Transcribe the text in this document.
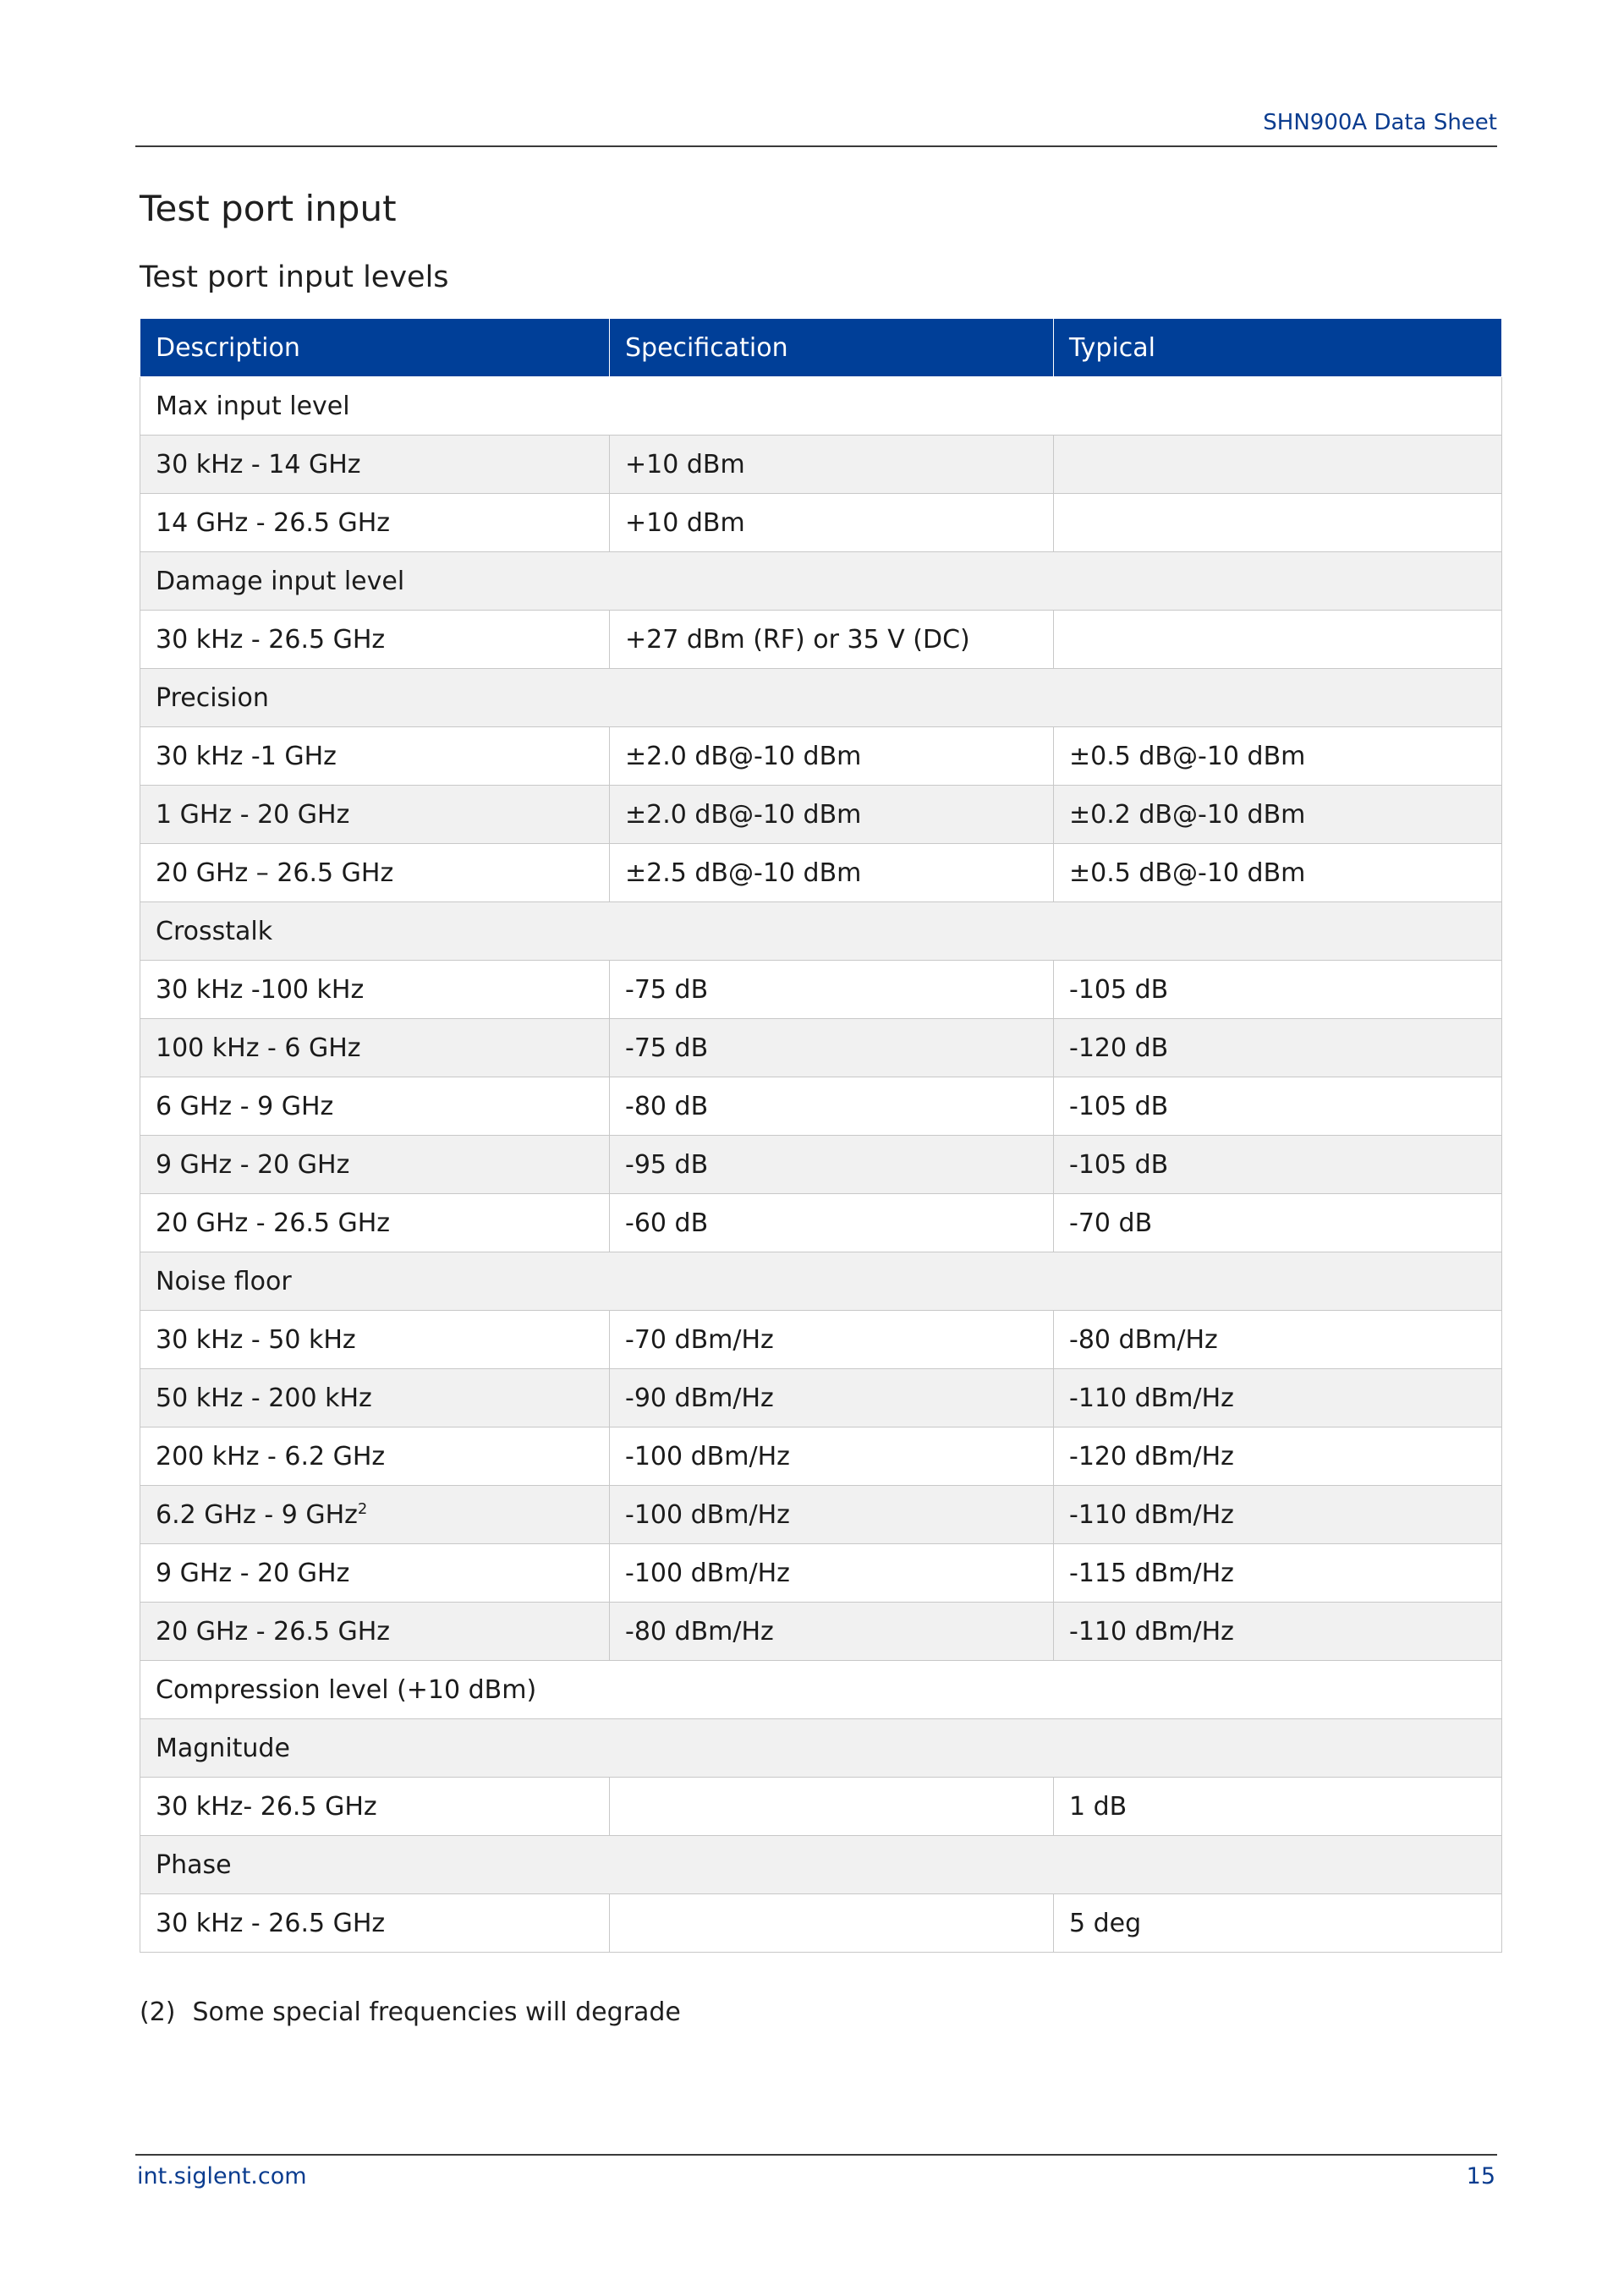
SHN900A Data Sheet
Test port input
Test port input levels
Description	Specification	Typical
Max input level		
30 kHz - 14 GHz	+10 dBm	
14 GHz - 26.5 GHz	+10 dBm	
Damage input level		
30 kHz - 26.5 GHz	+27 dBm (RF) or 35 V (DC)	
Precision		
30 kHz -1 GHz	±2.0 dB@-10 dBm	±0.5 dB@-10 dBm
1 GHz - 20 GHz	±2.0 dB@-10 dBm	±0.2 dB@-10 dBm
20 GHz – 26.5 GHz	±2.5 dB@-10 dBm	±0.5 dB@-10 dBm
Crosstalk		
30 kHz -100 kHz	-75 dB	-105 dB
100 kHz - 6 GHz	-75 dB	-120 dB
6 GHz - 9 GHz	-80 dB	-105 dB
9 GHz - 20 GHz	-95 dB	-105 dB
20 GHz - 26.5 GHz	-60 dB	-70 dB
Noise floor		
30 kHz - 50 kHz	-70 dBm/Hz	-80 dBm/Hz
50 kHz - 200 kHz	-90 dBm/Hz	-110 dBm/Hz
200 kHz - 6.2 GHz	-100 dBm/Hz	-120 dBm/Hz
6.2 GHz - 9 GHz$^2$	-100 dBm/Hz	-110 dBm/Hz
9 GHz - 20 GHz	-100 dBm/Hz	-115 dBm/Hz
20 GHz - 26.5 GHz	-80 dBm/Hz	-110 dBm/Hz
Compression level (+10 dBm)		
Magnitude		
30 kHz- 26.5 GHz		1 dB
Phase		
30 kHz - 26.5 GHz		5 deg
(2) Some special frequencies will degrade
int.siglent.com	15
